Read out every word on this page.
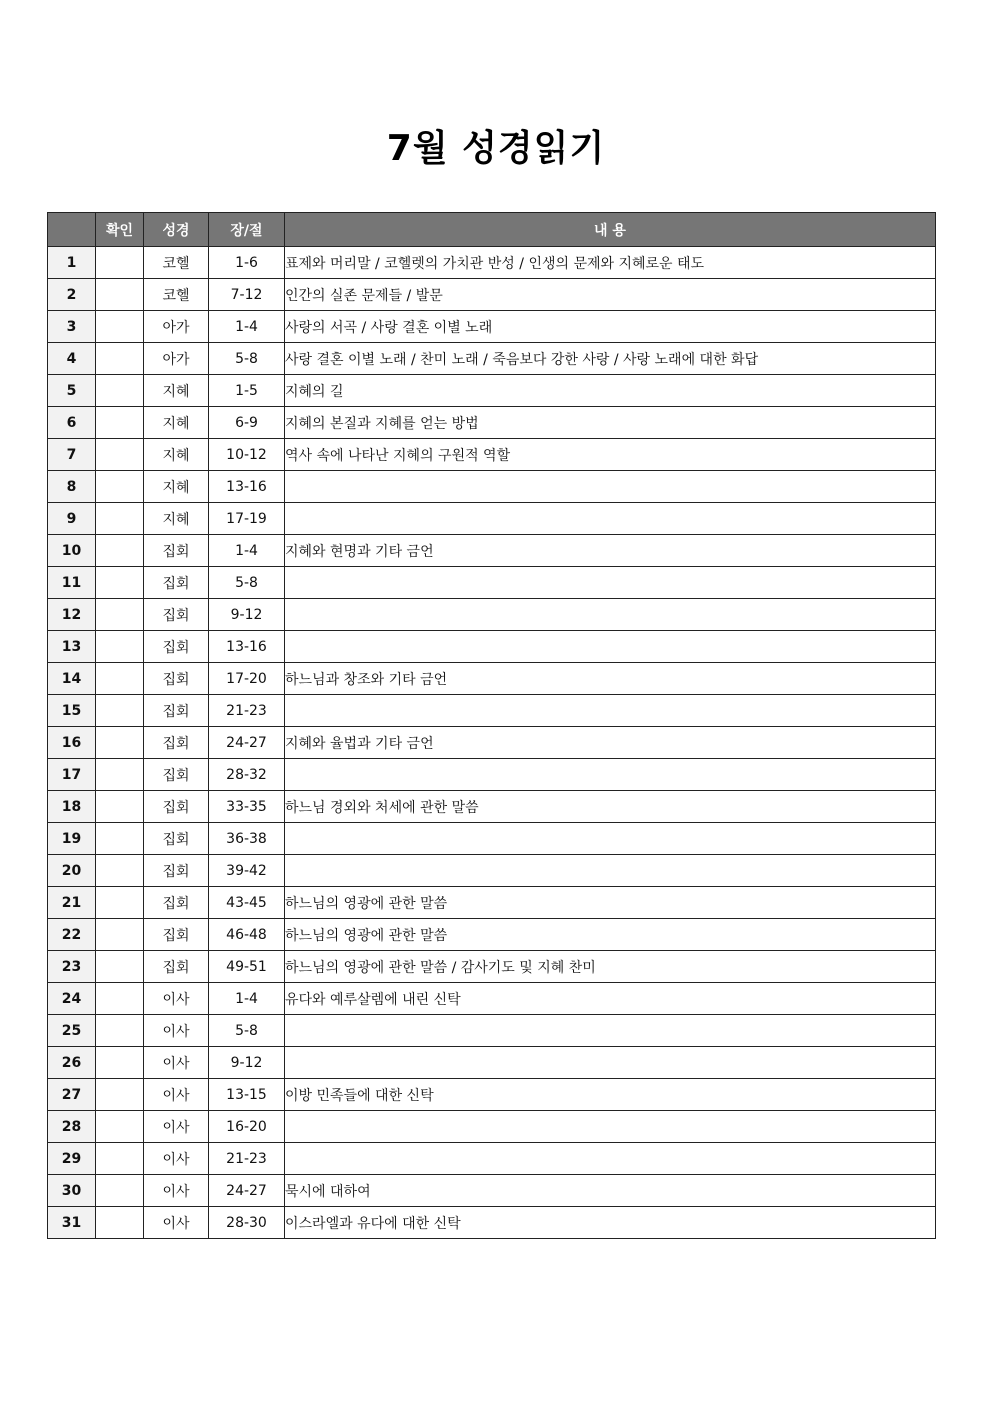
7월 성경읽기
	확인	성경	장/절	내 용
1		코헬	1-6	표제와 머리말 / 코헬렛의 가치관 반성 / 인생의 문제와 지혜로운 태도
2		코헬	7-12	인간의 실존 문제들 / 발문
3		아가	1-4	사랑의 서곡 / 사랑 결혼 이별 노래
4		아가	5-8	사랑 결혼 이별 노래 / 찬미 노래 / 죽음보다 강한 사랑 / 사랑 노래에 대한 화답
5		지혜	1-5	지혜의 길
6		지혜	6-9	지혜의 본질과 지혜를 얻는 방법
7		지혜	10-12	역사 속에 나타난 지혜의 구원적 역할
8		지혜	13-16	
9		지혜	17-19	
10		집회	1-4	지혜와 현명과 기타 금언
11		집회	5-8	
12		집회	9-12	
13		집회	13-16	
14		집회	17-20	하느님과 창조와 기타 금언
15		집회	21-23	
16		집회	24-27	지혜와 율법과 기타 금언
17		집회	28-32	
18		집회	33-35	하느님 경외와 처세에 관한 말씀
19		집회	36-38	
20		집회	39-42	
21		집회	43-45	하느님의 영광에 관한 말씀
22		집회	46-48	하느님의 영광에 관한 말씀
23		집회	49-51	하느님의 영광에 관한 말씀 / 감사기도 및 지혜 찬미
24		이사	1-4	유다와 예루살렘에 내린 신탁
25		이사	5-8	
26		이사	9-12	
27		이사	13-15	이방 민족들에 대한 신탁
28		이사	16-20	
29		이사	21-23	
30		이사	24-27	묵시에 대하여
31		이사	28-30	이스라엘과 유다에 대한 신탁
